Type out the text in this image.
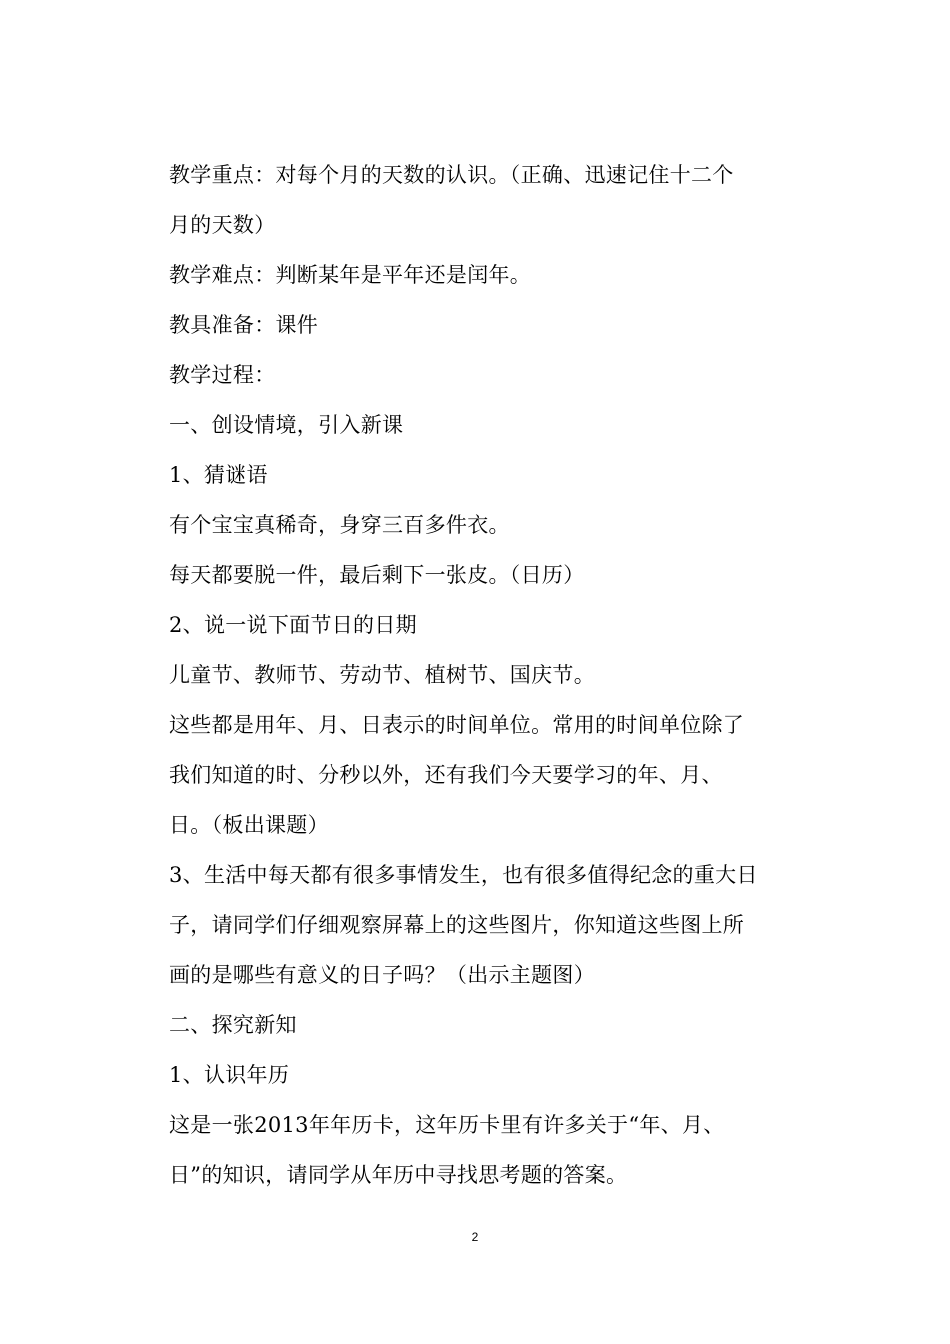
教学重点：对每个月的天数的认识。（正确、迅速记住十二个
月的天数）
教学难点：判断某年是平年还是闰年。
教具准备：课件
教学过程：
一、创设情境，引入新课
1、猜谜语
有个宝宝真稀奇，身穿三百多件衣。
每天都要脱一件，最后剩下一张皮。（日历）
2、说一说下面节日的日期
儿童节、教师节、劳动节、植树节、国庆节。
这些都是用年、月、日表示的时间单位。常用的时间单位除了
我们知道的时、分秒以外，还有我们今天要学习的年、月、
日。（板出课题）
3、生活中每天都有很多事情发生，也有很多值得纪念的重大日
子，请同学们仔细观察屏幕上的这些图片，你知道这些图上所
画的是哪些有意义的日子吗？（出示主题图）
二、探究新知
1、认识年历
这是一张2013年年历卡，这年历卡里有许多关于“年、月、
日”的知识，请同学从年历中寻找思考题的答案。
2
